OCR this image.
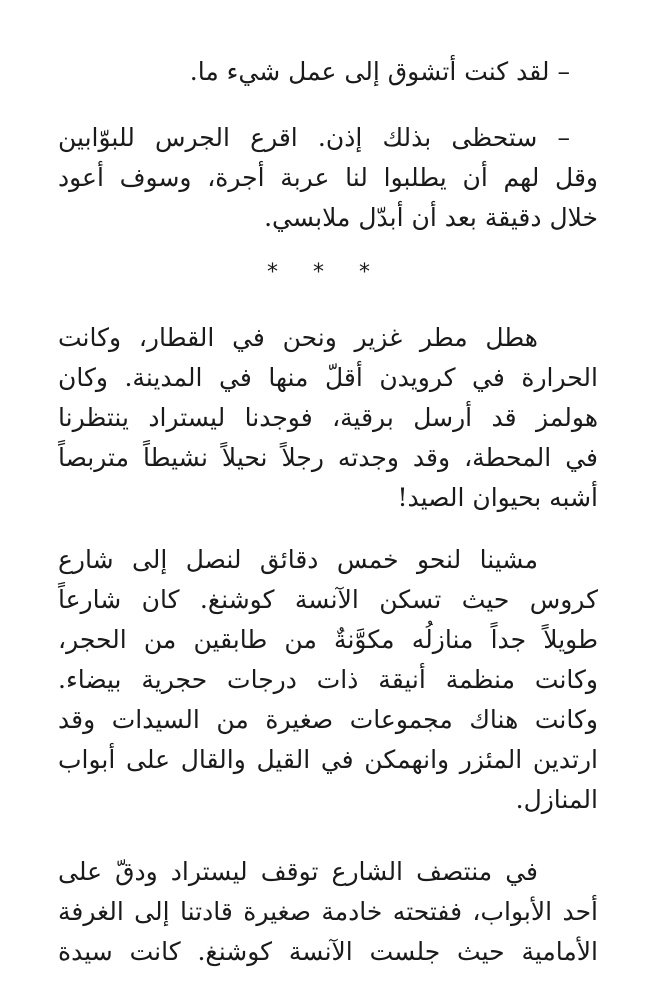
– لقد كنت أتشوق إلى عمل شيء ما.
– ستحظى بذلك إذن. اقرع الجرس للبوّابين
وقل لهم أن يطلبوا لنا عربة أجرة، وسوف أعود
خلال دقيقة بعد أن أبدّل ملابسي.
* * *
هطل مطر غزير ونحن في القطار، وكانت
الحرارة في كرويدن أقلّ منها في المدينة. وكان
هولمز قد أرسل برقية، فوجدنا ليستراد ينتظرنا
في المحطة، وقد وجدته رجلاً نحيلاً نشيطاً متربصاً
أشبه بحيوان الصيد!
مشينا لنحو خمس دقائق لنصل إلى شارع
كروس حيث تسكن الآنسة كوشنغ. كان شارعاً
طويلاً جداً منازلُه مكوَّنةٌ من طابقين من الحجر،
وكانت منظمة أنيقة ذات درجات حجرية بيضاء.
وكانت هناك مجموعات صغيرة من السيدات وقد
ارتدين المئزر وانهمكن في القيل والقال على أبواب
المنازل.
في منتصف الشارع توقف ليستراد ودقّ على
أحد الأبواب، ففتحته خادمة صغيرة قادتنا إلى الغرفة
الأمامية حيث جلست الآنسة كوشنغ. كانت سيدة
